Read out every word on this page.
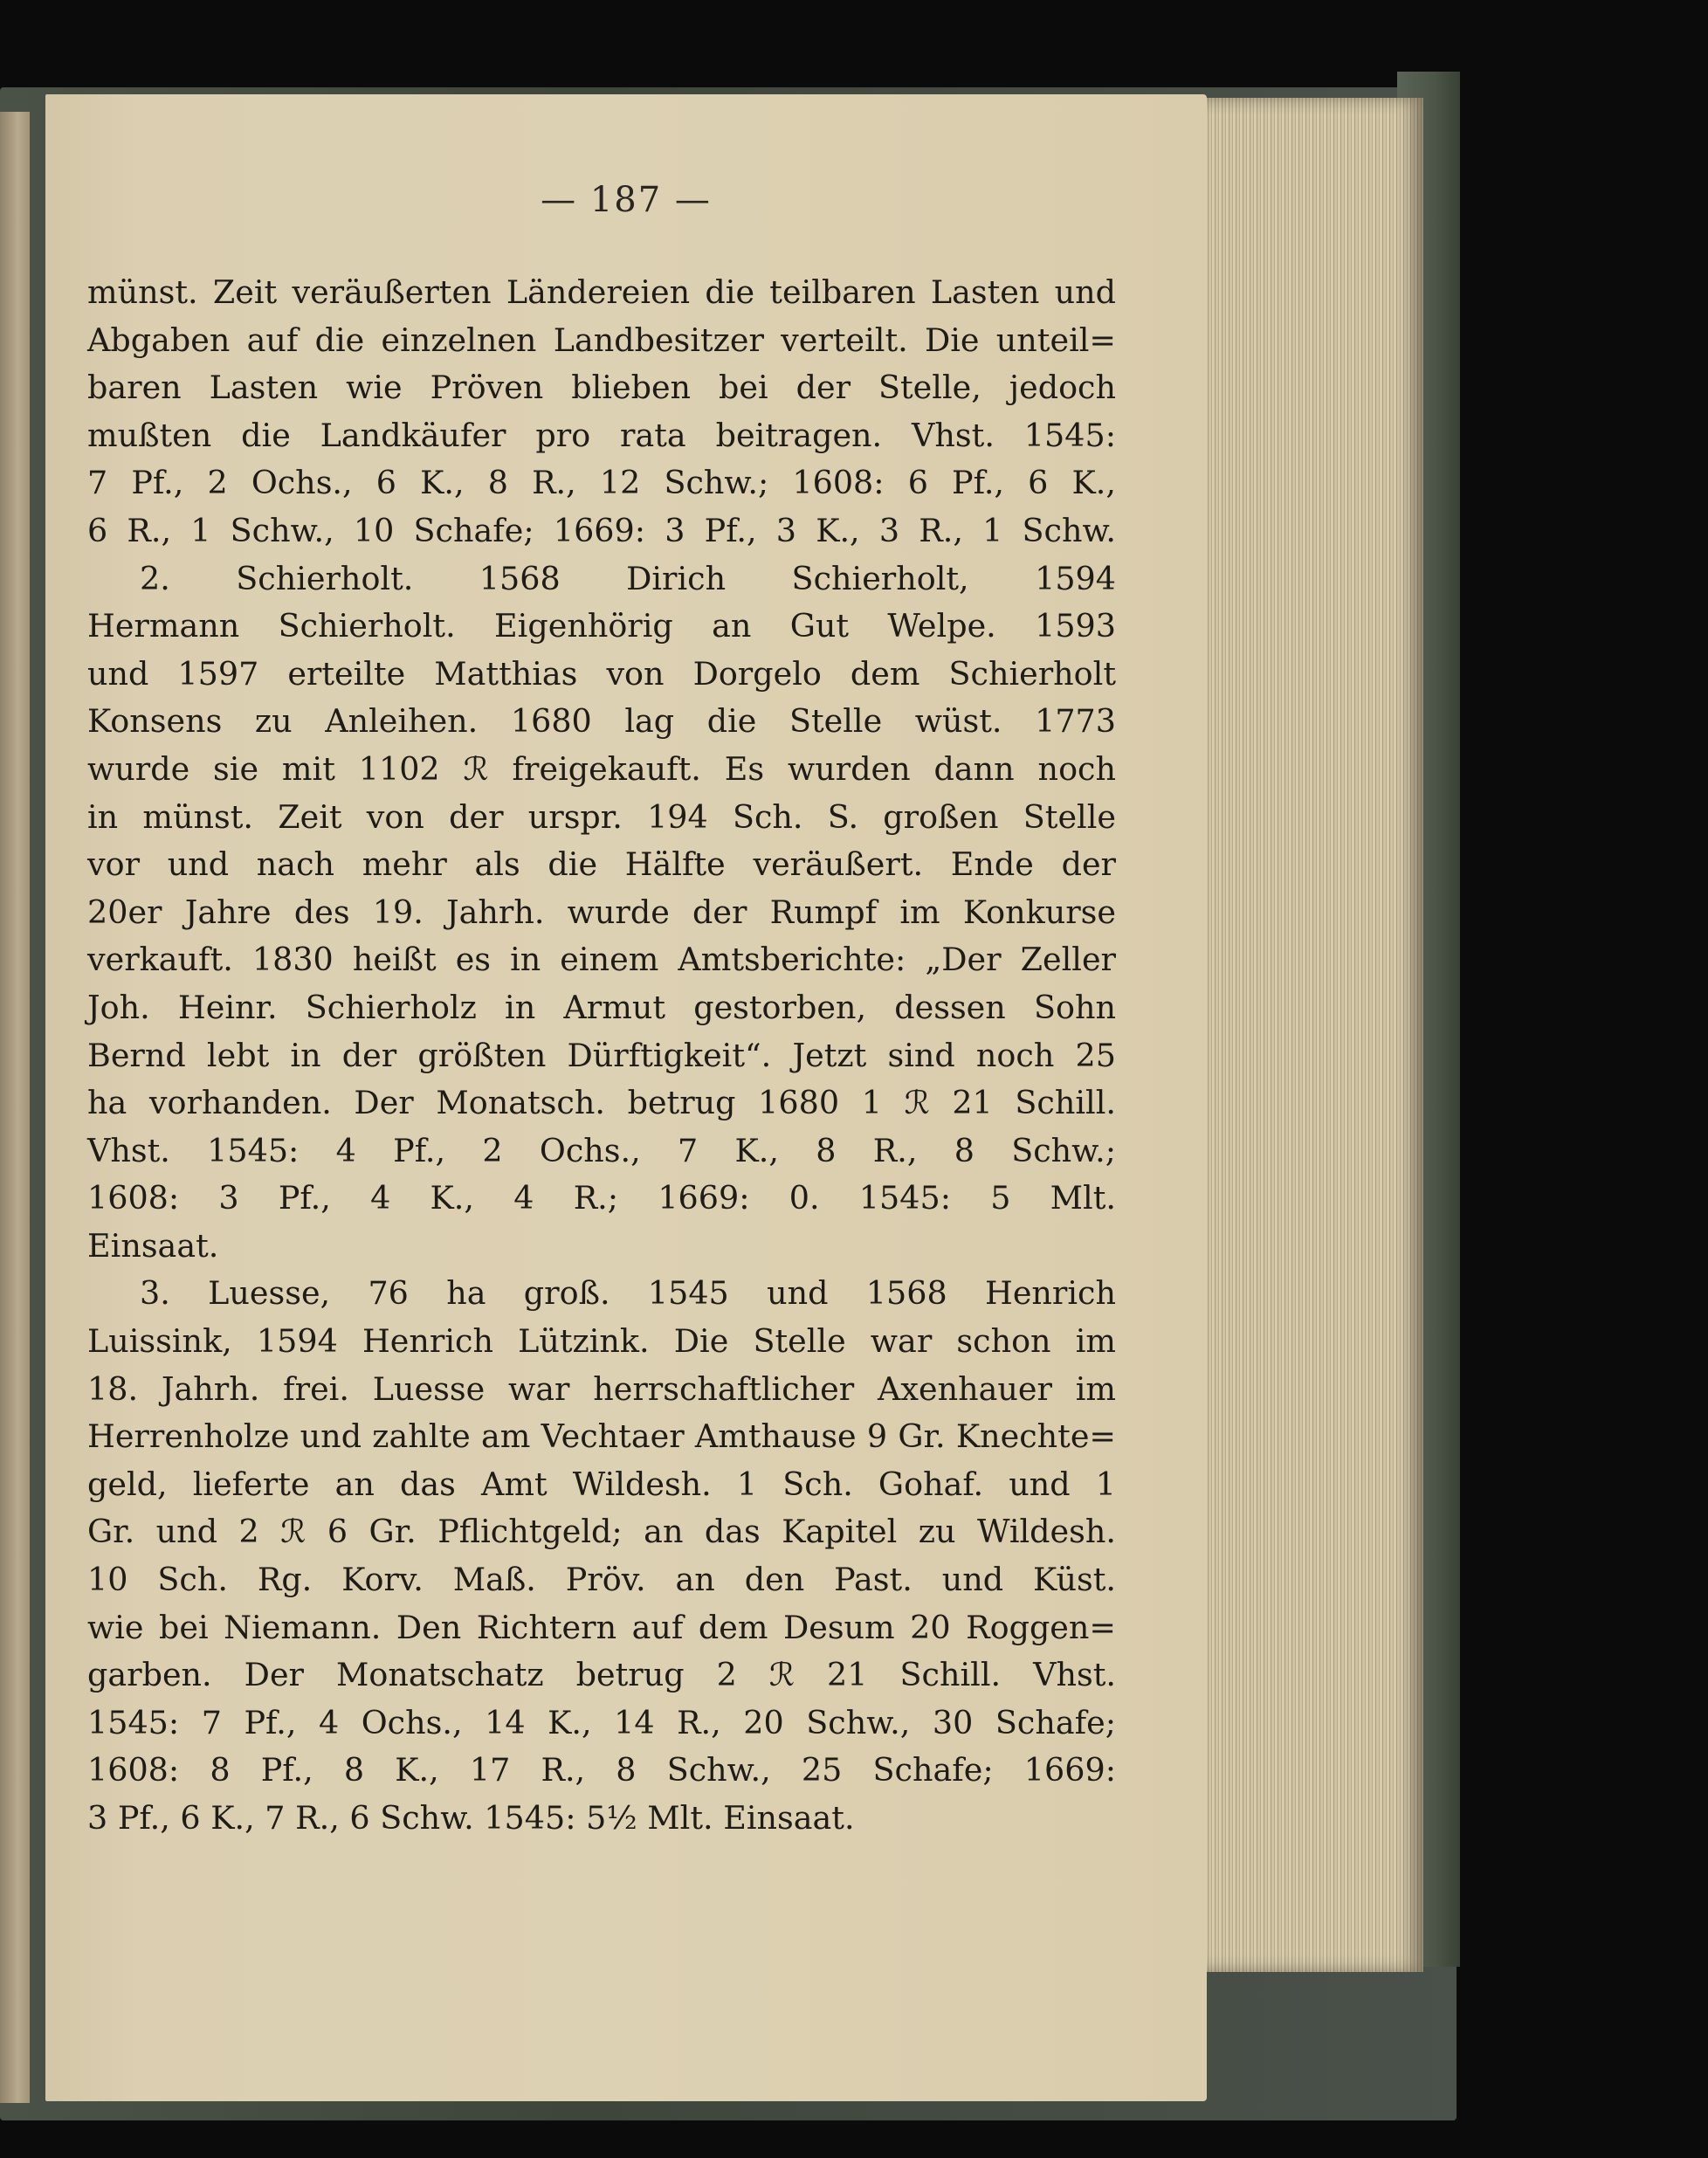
— 187 —
münst. Zeit veräußerten Ländereien die teilbaren Lasten und
Abgaben auf die einzelnen Landbesitzer verteilt. Die unteil=
baren Lasten wie Pröven blieben bei der Stelle, jedoch
mußten die Landkäufer pro rata beitragen. Vhst. 1545:
7 Pf., 2 Ochs., 6 K., 8 R., 12 Schw.; 1608: 6 Pf., 6 K.,
6 R., 1 Schw., 10 Schafe; 1669: 3 Pf., 3 K., 3 R., 1 Schw.
2. Schierholt. 1568 Dirich Schierholt, 1594
Hermann Schierholt. Eigenhörig an Gut Welpe. 1593
und 1597 erteilte Matthias von Dorgelo dem Schierholt
Konsens zu Anleihen. 1680 lag die Stelle wüst. 1773
wurde sie mit 1102 ℛ freigekauft. Es wurden dann noch
in münst. Zeit von der urspr. 194 Sch. S. großen Stelle
vor und nach mehr als die Hälfte veräußert. Ende der
20er Jahre des 19. Jahrh. wurde der Rumpf im Konkurse
verkauft. 1830 heißt es in einem Amtsberichte: „Der Zeller
Joh. Heinr. Schierholz in Armut gestorben, dessen Sohn
Bernd lebt in der größten Dürftigkeit“. Jetzt sind noch 25
ha vorhanden. Der Monatsch. betrug 1680 1 ℛ 21 Schill.
Vhst. 1545: 4 Pf., 2 Ochs., 7 K., 8 R., 8 Schw.;
1608: 3 Pf., 4 K., 4 R.; 1669: 0. 1545: 5 Mlt.
Einsaat.
3. Luesse, 76 ha groß. 1545 und 1568 Henrich
Luissink, 1594 Henrich Lützink. Die Stelle war schon im
18. Jahrh. frei. Luesse war herrschaftlicher Axenhauer im
Herrenholze und zahlte am Vechtaer Amthause 9 Gr. Knechte=
geld, lieferte an das Amt Wildesh. 1 Sch. Gohaf. und 1
Gr. und 2 ℛ 6 Gr. Pflichtgeld; an das Kapitel zu Wildesh.
10 Sch. Rg. Korv. Maß. Pröv. an den Past. und Küst.
wie bei Niemann. Den Richtern auf dem Desum 20 Roggen=
garben. Der Monatschatz betrug 2 ℛ 21 Schill. Vhst.
1545: 7 Pf., 4 Ochs., 14 K., 14 R., 20 Schw., 30 Schafe;
1608: 8 Pf., 8 K., 17 R., 8 Schw., 25 Schafe; 1669:
3 Pf., 6 K., 7 R., 6 Schw. 1545: 5½ Mlt. Einsaat.
